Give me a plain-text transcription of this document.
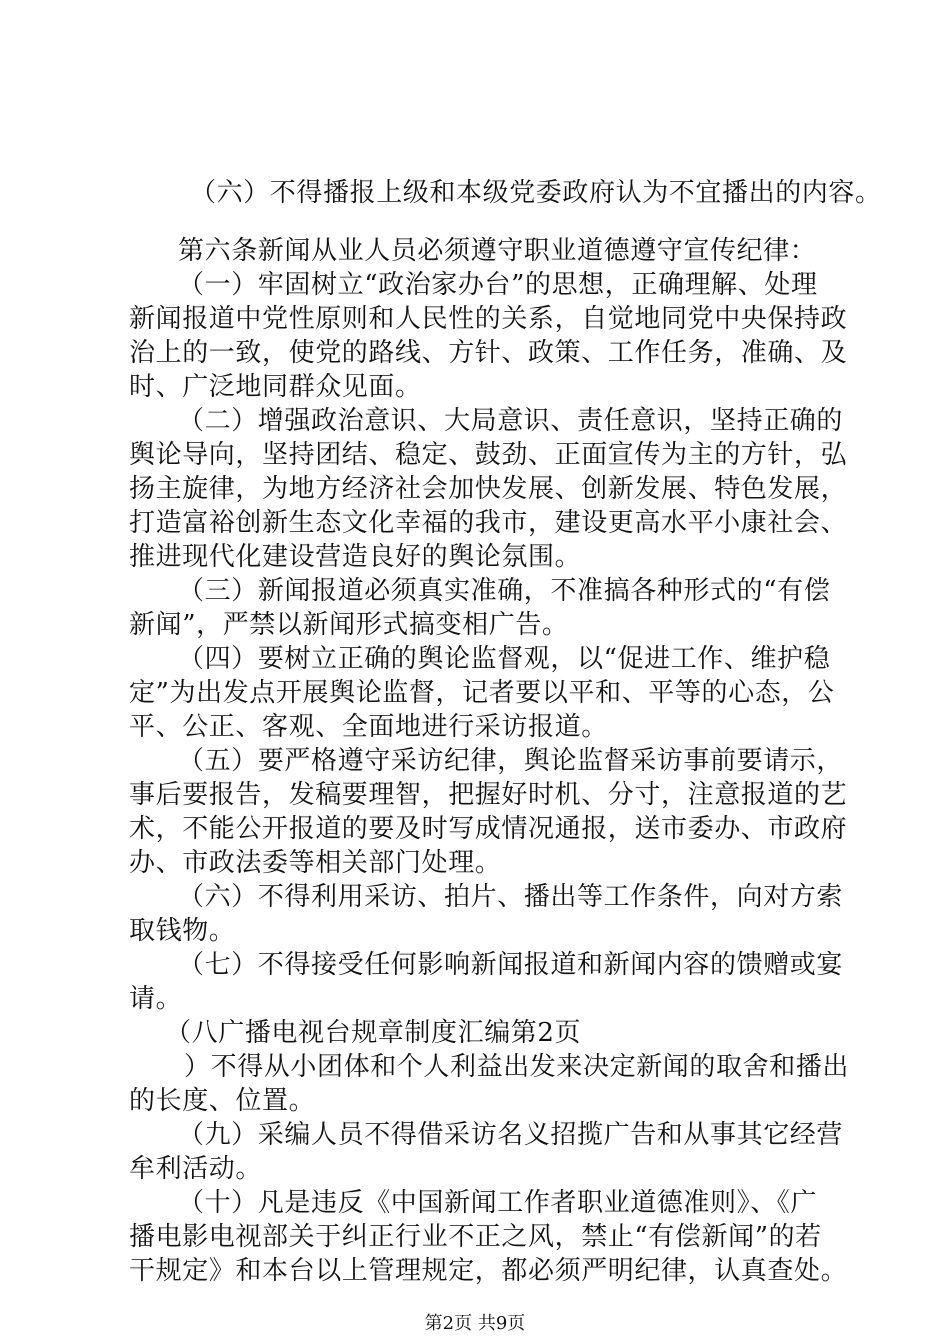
（六）不得播报上级和本级党委政府认为不宜播出的内容。
第六条新闻从业人员必须遵守职业道德遵守宣传纪律：
（一）牢固树立“政治家办台”的思想，正确理解、处理
新闻报道中党性原则和人民性的关系，自觉地同党中央保持政
治上的一致，使党的路线、方针、政策、工作任务，准确、及
时、广泛地同群众见面。
（二）增强政治意识、大局意识、责任意识，坚持正确的
舆论导向，坚持团结、稳定、鼓劲、正面宣传为主的方针，弘
扬主旋律，为地方经济社会加快发展、创新发展、特色发展，
打造富裕创新生态文化幸福的我市，建设更高水平小康社会、
推进现代化建设营造良好的舆论氛围。
（三）新闻报道必须真实准确，不准搞各种形式的“有偿
新闻”，严禁以新闻形式搞变相广告。
（四）要树立正确的舆论监督观，以“促进工作、维护稳
定”为出发点开展舆论监督，记者要以平和、平等的心态，公
平、公正、客观、全面地进行采访报道。
（五）要严格遵守采访纪律，舆论监督采访事前要请示，
事后要报告，发稿要理智，把握好时机、分寸，注意报道的艺
术，不能公开报道的要及时写成情况通报，送市委办、市政府
办、市政法委等相关部门处理。
（六）不得利用采访、拍片、播出等工作条件，向对方索
取钱物。
（七）不得接受任何影响新闻报道和新闻内容的馈赠或宴
请。
（八广播电视台规章制度汇编第2页
）不得从小团体和个人利益出发来决定新闻的取舍和播出
的长度、位置。
（九）采编人员不得借采访名义招揽广告和从事其它经营
牟利活动。
（十）凡是违反《中国新闻工作者职业道德准则》、《广
播电影电视部关于纠正行业不正之风，禁止“有偿新闻”的若
干规定》和本台以上管理规定，都必须严明纪律，认真查处。
第2页 共9页
